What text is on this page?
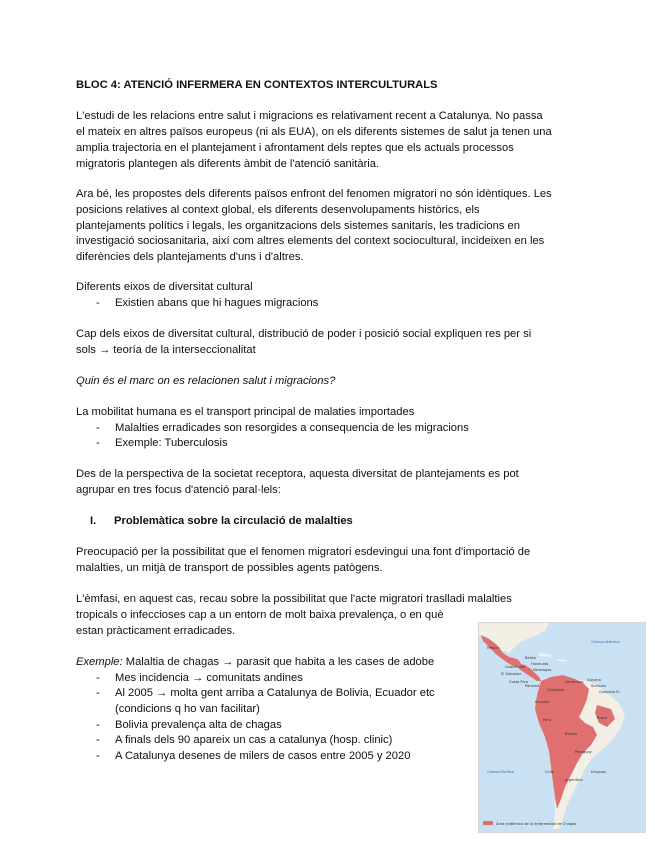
BLOC 4: ATENCIÓ INFERMERA EN CONTEXTOS INTERCULTURALS

L'estudi de les relacions entre salut i migracions es relativament recent a Catalunya. No passa

el mateix en altres països europeus (ni als EUA), on els diferents sistemes de salut ja tenen una

amplia trajectoria en el plantejament i afrontament dels reptes que els actuals processos

migratoris plantegen als diferents àmbit de l'atenció sanitària.

Ara bé, les propostes dels diferents països enfront del fenomen migratori no són idèntiques. Les

posicions relatives al context global, els diferents desenvolupaments històrics, els

plantejaments polítics i legals, les organitzacions dels sistemes sanitaris, les tradicions en

investigació sociosanitaria, així com altres elements del context sociocultural, incideixen en les

diferències dels plantejaments d'uns i d'altres.

Diferents eixos de diversitat cultural

- Existien abans que hi hagues migracions

Cap dels eixos de diversitat cultural, distribució de poder i posició social expliquen res per si

sols → teoría de la interseccionalitat

Quin és el marc on es relacionen salut i migracions?

La mobilitat humana es el transport principal de malaties importades

- Malalties erradicades son resorgides a consequencia de les migracions
- Exemple: Tuberculosis

Des de la perspectiva de la societat receptora, aquesta diversitat de plantejaments es pot

agrupar en tres focus d'atenció paral·lels:

I. Problemàtica sobre la circulació de malalties

Preocupació per la possibilitat que el fenomen migratori esdevingui una font d'importació de

malalties, un mitjà de transport de possibles agents patògens.

L'èmfasi, en aquest cas, recau sobre la possibilitat que l'acte migratori traslladi malalties

tropicals o infeccioses cap a un entorn de molt baixa prevalença, o en què

estan pràcticament erradicades.

Exemple: Malaltia de chagas → parasit que habita a les cases de adobe

- Mes incidencia → comunitats andines
- Al 2005 → molta gent arriba a Catalunya de Bolivia, Ecuador etc
(condicions q ho van facilitar)
- Bolivia prevalença alta de chagas
- A finals dels 90 apareix un cas a catalunya (hosp. clinic)
- A Catalunya desenes de milers de casos entre 2005 y 2020
Océano Atlántico
Océano Pacífico
México
Guatemala
El Salvador
Costa Rica
Belice
Honduras
Nicaragua
Panamá
Venezuela
Colombia
Guyana
Surinam
Guayana Fr.
Ecuador
Perú	Brasil
Bolivia
Paraguay
Chile
Argentina
Uruguay
Área endémica de la enfermedad de Chagas
